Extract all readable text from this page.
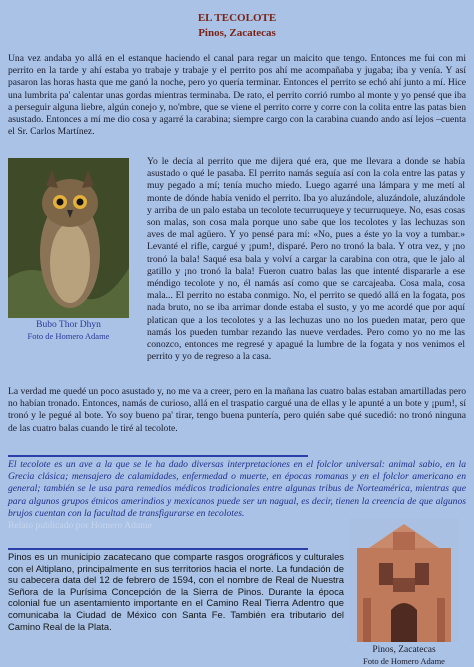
EL TECOLOTE
Pinos, Zacatecas

Una vez andaba yo allá en el estanque haciendo el canal para regar un maicito que tengo. Entonces me fui con mi perrito en la tarde y ahí estaba yo trabaje y trabaje y el perrito pos ahí me acompañaba y jugaba; iba y venía. Y así pasaron las horas hasta que me ganó la noche, pero yo quería terminar. Entonces el perrito se echó ahí junto a mí. Hice una lumbrita pa' calentar unas gordas mientras terminaba. De rato, el perrito corrió rumbo al monte y yo pensé que iba a perseguir alguna liebre, algún conejo y, no'mbre, que se viene el perrito corre y corre con la colita entre las patas bien asustado. Entonces a mí me dio cosa y agarré la carabina; siempre cargo con la carabina cuando ando así lejos –cuenta el Sr. Carlos Martínez.

Bubo Thor Dhyn

Foto de Homero Adame

Yo le decía al perrito que me dijera qué era, que me llevara a donde se había asustado o qué le pasaba. El perrito namás seguía así con la cola entre las patas y muy pegado a mí; tenía mucho miedo. Luego agarré una lámpara y me metí al monte de dónde había venido el perrito. Iba yo aluzándole, aluzándole, aluzándole y arriba de un palo estaba un tecolote tecurruqueye y tecurruqueye. No, esas cosas son malas, son cosa mala porque uno sabe que los tecolotes y las lechuzas son aves de mal agüero. Y yo pensé para mí: «No, pues a éste yo la voy a tumbar.» Levanté el rifle, cargué y ¡pum!, disparé. Pero no tronó la bala. Y otra vez, y ¡no tronó la bala! Saqué esa bala y volví a cargar la carabina con otra, que le jalo al gatillo y ¡no tronó la bala! Fueron cuatro balas las que intenté dispararle a ese méndigo tecolote y no, él namás así como que se carcajeaba. Cosa mala, cosa mala... El perrito no estaba conmigo. No, el perrito se quedó allá en la fogata, pos nada bruto, no se iba arrimar donde estaba el susto, y yo me acordé que por aquí platican que a los tecolotes y a las lechuzas uno no los pueden matar, pero que namás los pueden tumbar rezando las nueve verdades. Pero como yo no me las conozco, entonces me regresé y apagué la lumbre de la fogata y nos venimos el perrito y yo de regreso a la casa.

La verdad me quedé un poco asustado y, no me va a creer, pero en la mañana las cuatro balas estaban amartilladas pero no habían tronado. Entonces, namás de curioso, allá en el traspatio cargué una de ellas y le apunté a un bote y ¡pum!, sí tronó y le pegué al bote. Yo soy bueno pa' tirar, tengo buena puntería, pero quién sabe qué sucedió: no tronó ninguna de las cuatro balas cuando le tiré al tecolote.

El tecolote es un ave a la que se le ha dado diversas interpretaciones en el folclor universal: animal sabio, en la Grecia clásica; mensajero de calamidades, enfermedad o muerte, en épocas romanas y en el folclor americano en general; también se le usa para remedios médicos tradicionales entre algunas tribus de Norteamérica, mientras que para algunos grupos étnicos amerindios y mexicanos puede ser un nagual, es decir, tienen la creencia de que algunos brujos cuentan con la facultad de transfigurarse en tecolotes.

Relato publicado por Homero Adame

Pinos es un municipio zacatecano que comparte rasgos orográficos y culturales con el Altiplano, principalmente en sus territorios hacia el norte. La fundación de su cabecera data del 12 de febrero de 1594, con el nombre de Real de Nuestra Señora de la Purísima Concepción de la Sierra de Pinos. Durante la época colonial fue un asentamiento importante en el Camino Real Tierra Adentro que comunicaba la Ciudad de México con Santa Fe. También era tributario del Camino Real de la Plata.

Pinos, Zacatecas

Foto de Homero Adame
